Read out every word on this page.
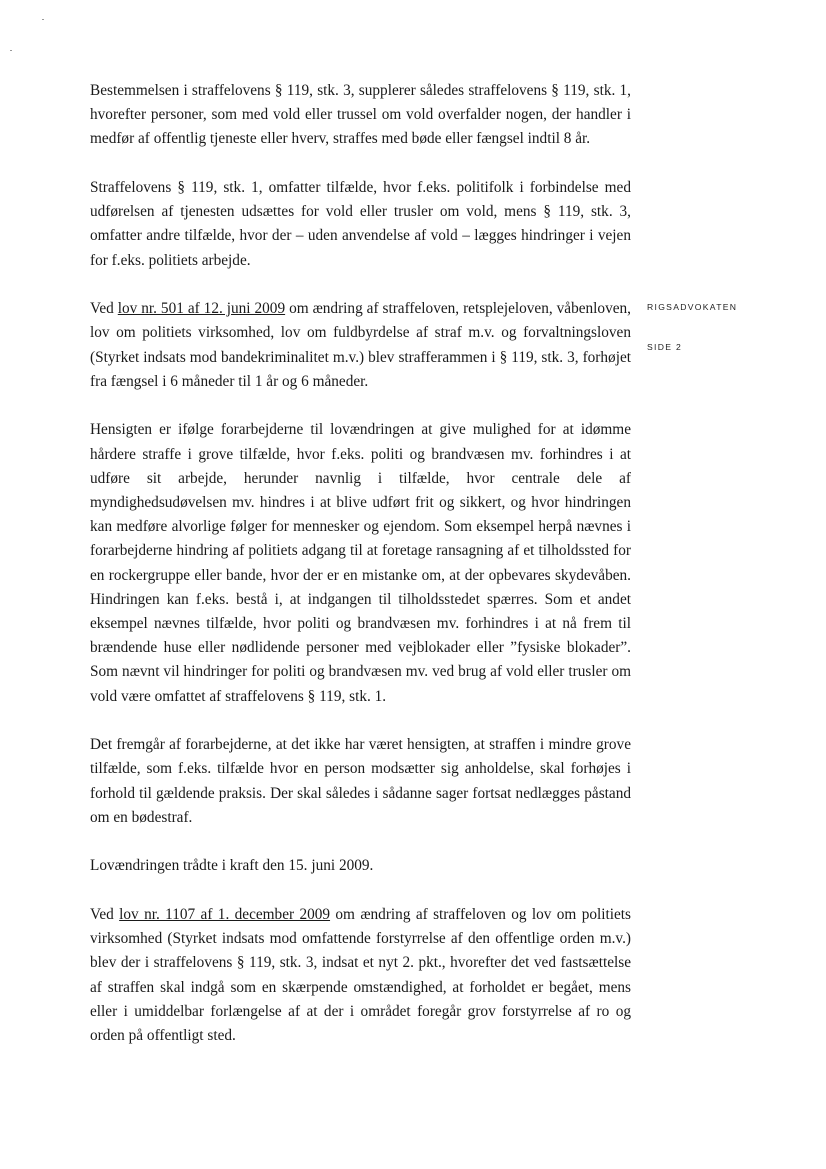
RIGSADVOKATEN
SIDE 2

Bestemmelsen i straffelovens § 119, stk. 3, supplerer således straffelovens § 119, stk. 1, hvorefter personer, som med vold eller trussel om vold overfalder nogen, der handler i medfør af offentlig tjeneste eller hverv, straffes med bøde eller fængsel indtil 8 år.

Straffelovens § 119, stk. 1, omfatter tilfælde, hvor f.eks. politifolk i forbindelse med udførelsen af tjenesten udsættes for vold eller trusler om vold, mens § 119, stk. 3, omfatter andre tilfælde, hvor der – uden anvendelse af vold – lægges hindringer i vejen for f.eks. politiets arbejde.

Ved lov nr. 501 af 12. juni 2009 om ændring af straffeloven, retsplejeloven, våbenloven, lov om politiets virksomhed, lov om fuldbyrdelse af straf m.v. og forvaltningsloven (Styrket indsats mod bandekriminalitet m.v.) blev strafferammen i § 119, stk. 3, forhøjet fra fængsel i 6 måneder til 1 år og 6 måneder.

Hensigten er ifølge forarbejderne til lovændringen at give mulighed for at idømme hårdere straffe i grove tilfælde, hvor f.eks. politi og brandvæsen mv. forhindres i at udføre sit arbejde, herunder navnlig i tilfælde, hvor centrale dele af myndighedsudøvelsen mv. hindres i at blive udført frit og sikkert, og hvor hindringen kan medføre alvorlige følger for mennesker og ejendom. Som eksempel herpå nævnes i forarbejderne hindring af politiets adgang til at foretage ransagning af et tilholdssted for en rockergruppe eller bande, hvor der er en mistanke om, at der opbevares skydevåben. Hindringen kan f.eks. bestå i, at indgangen til tilholdsstedet spærres. Som et andet eksempel nævnes tilfælde, hvor politi og brandvæsen mv. forhindres i at nå frem til brændende huse eller nødlidende personer med vejblokader eller ”fysiske blokader”. Som nævnt vil hindringer for politi og brandvæsen mv. ved brug af vold eller trusler om vold være omfattet af straffelovens § 119, stk. 1.

Det fremgår af forarbejderne, at det ikke har været hensigten, at straffen i mindre grove tilfælde, som f.eks. tilfælde hvor en person modsætter sig anholdelse, skal forhøjes i forhold til gældende praksis. Der skal således i sådanne sager fortsat nedlægges påstand om en bødestraf.

Lovændringen trådte i kraft den 15. juni 2009.

Ved lov nr. 1107 af 1. december 2009 om ændring af straffeloven og lov om politiets virksomhed (Styrket indsats mod omfattende forstyrrelse af den offentlige orden m.v.) blev der i straffelovens § 119, stk. 3, indsat et nyt 2. pkt., hvorefter det ved fastsættelse af straffen skal indgå som en skærpende omstændighed, at forholdet er begået, mens eller i umiddelbar forlængelse af at der i området foregår grov forstyrrelse af ro og orden på offentligt sted.
